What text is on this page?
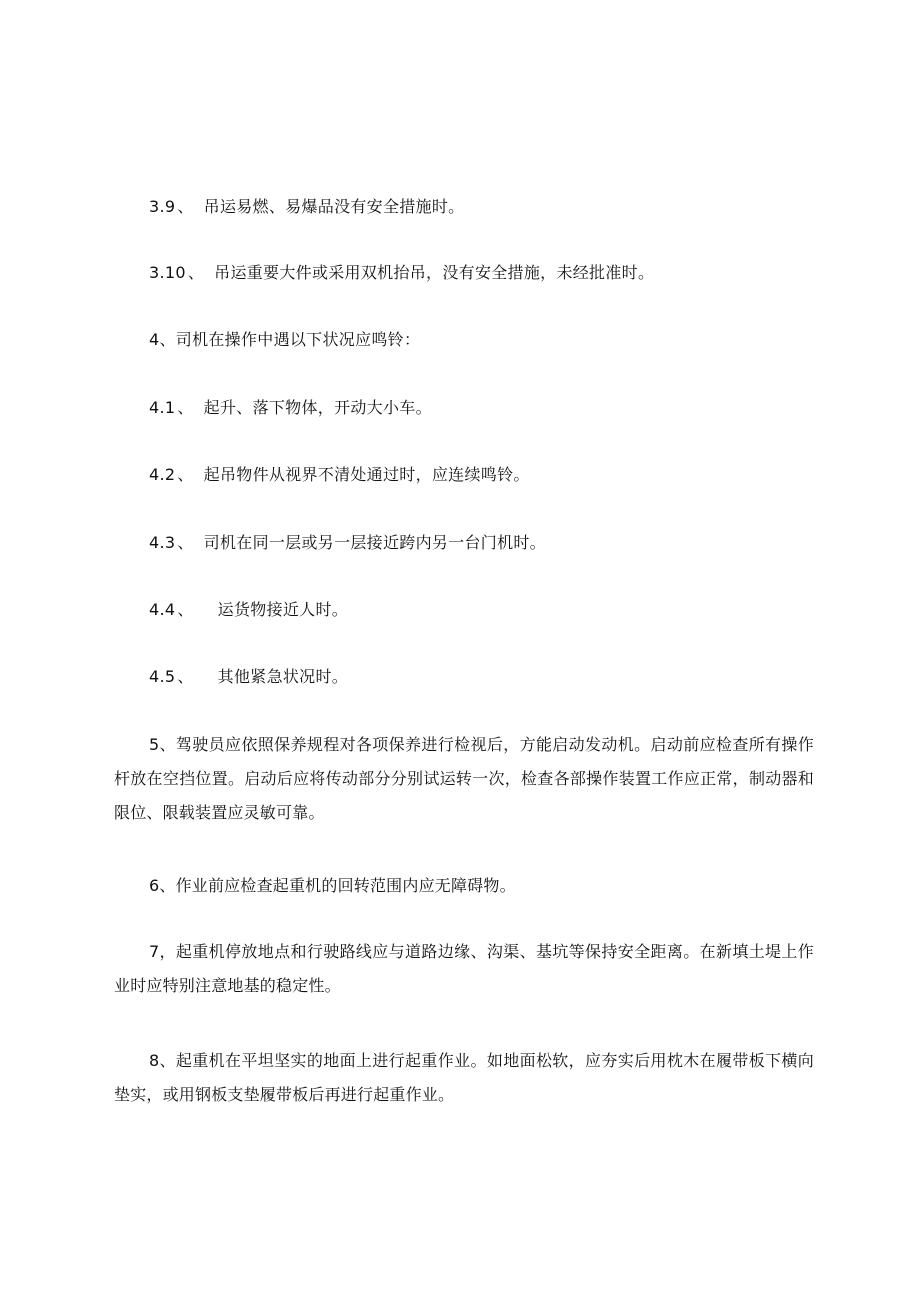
3.9 、 吊运易燃、易爆品没有安全措施时。
3.10 、 吊运重要大件或采用双机抬吊，没有安全措施，未经批准时。
4、司机在操作中遇以下状况应鸣铃：
4.1 、 起升、落下物体，开动大小车。
4.2 、 起吊物件从视界不清处通过时，应连续鸣铃。
4.3 、 司机在同一层或另一层接近跨内另一台门机时。
4.4 、 运货物接近人时。
4.5 、 其他紧急状况时。

5、驾驶员应依照保养规程对各项保养进行检视后，方能启动发动机。启动前应检查所有操作杆放在空挡位置。启动后应将传动部分分别试运转一次，检查各部操作装置工作应正常，制动器和限位、限载装置应灵敏可靠。

6、作业前应检查起重机的回转范围内应无障碍物。

7，起重机停放地点和行驶路线应与道路边缘、沟渠、基坑等保持安全距离。在新填土堤上作业时应特别注意地基的稳定性。

8、起重机在平坦坚实的地面上进行起重作业。如地面松软，应夯实后用枕木在履带板下横向垫实，或用钢板支垫履带板后再进行起重作业。
